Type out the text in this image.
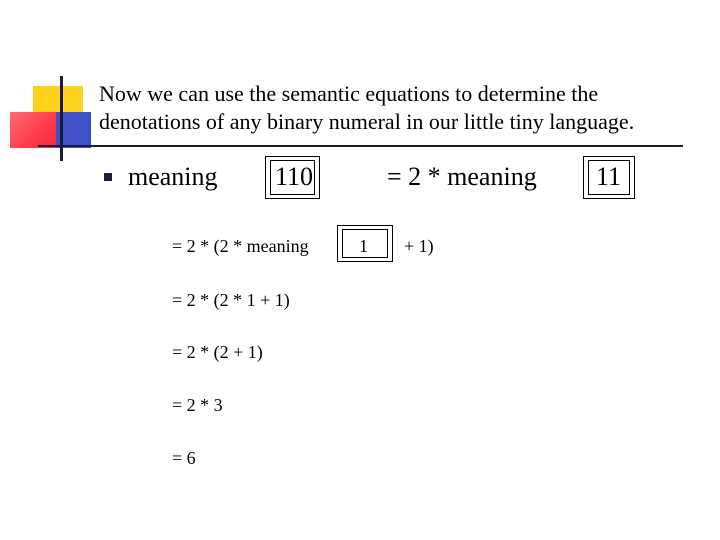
Now we can use the semantic equations to determine the
denotations of any binary numeral in our little tiny language.
meaning 110	= 2 * meaning 11
= 2 * (2 * meaning	1 + 1)
= 2 * (2 * 1 + 1)
= 2 * (2 + 1)
= 2 * 3
= 6
